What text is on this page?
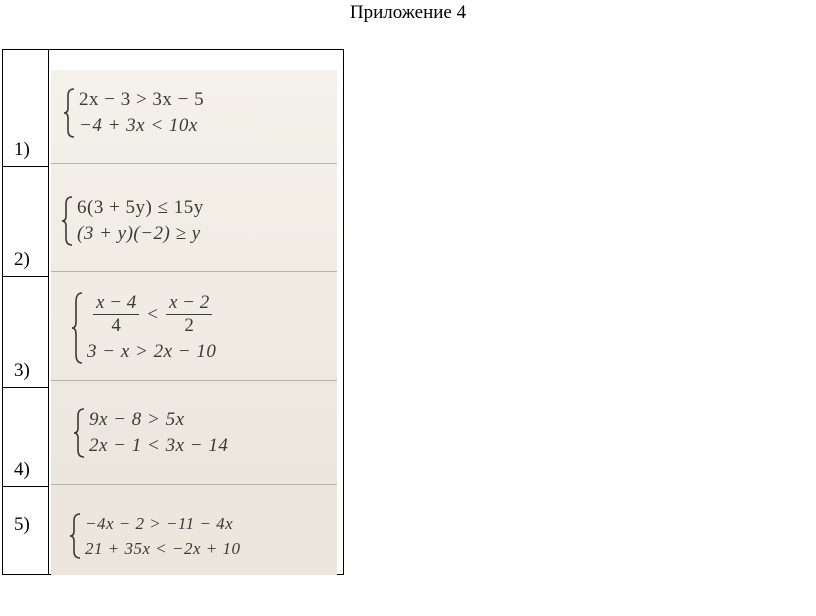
Приложение 4
1)
2)
3)
4)
5)
2x − 3 > 3x − 5
−4 + 3x < 10x
6(3 + 5y) ≤ 15y
(3 + y)(−2) ≥ y
$\frac{x - 4}{4} < \frac{x - 2}{2}$
3 − x > 2x − 10
9x − 8 > 5x
2x − 1 < 3x − 14
−4x − 2 > −11 − 4x
21 + 35x < −2x + 10
